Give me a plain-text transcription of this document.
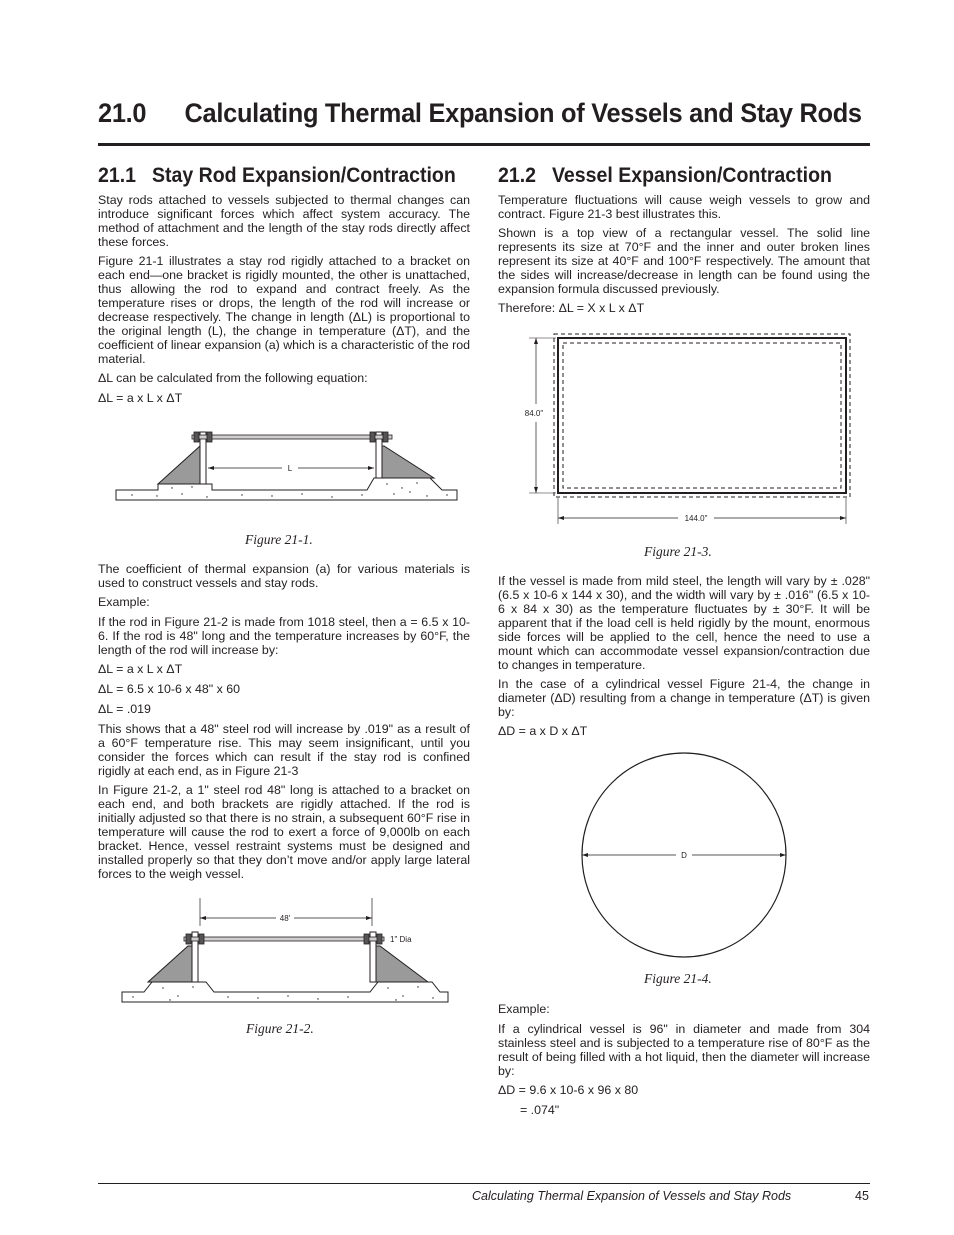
21.0 Calculating Thermal Expansion of Vessels and Stay Rods
21.1 Stay Rod Expansion/Contraction

Stay rods attached to vessels subjected to thermal changes can introduce significant forces which affect system accuracy. The method of attachment and the length of the stay rods directly affect these forces.

Figure 21-1 illustrates a stay rod rigidly attached to a bracket on each end—one bracket is rigidly mounted, the other is unattached, thus allowing the rod to expand and contract freely. As the temperature rises or drops, the length of the rod will increase or decrease respectively. The change in length (ΔL) is proportional to the original length (L), the change in temperature (ΔT), and the coefficient of linear expansion (a) which is a characteristic of the rod material.

ΔL can be calculated from the following equation:

ΔL = a x L x ΔT

L
Figure 21-1.

The coefficient of thermal expansion (a) for various materials is used to construct vessels and stay rods.

Example:

If the rod in Figure 21-2 is made from 1018 steel, then a = 6.5 x 10-6. If the rod is 48" long and the temperature increases by 60°F, the length of the rod will increase by:

ΔL = a x L x ΔT

ΔL = 6.5 x 10-6 x 48" x 60

ΔL = .019

This shows that a 48" steel rod will increase by .019" as a result of a 60°F temperature rise. This may seem insignificant, until you consider the forces which can result if the stay rod is confined rigidly at each end, as in Figure 21-3

In Figure 21-2, a 1" steel rod 48" long is attached to a bracket on each end, and both brackets are rigidly attached. If the rod is initially adjusted so that there is no strain, a subsequent 60°F rise in temperature will cause the rod to exert a force of 9,000lb on each bracket. Hence, vessel restraint systems must be designed and installed properly so that they don’t move and/or apply large lateral forces to the weigh vessel.

48'
1" Dia
Figure 21-2.
21.2 Vessel Expansion/Contraction

Temperature fluctuations will cause weigh vessels to grow and contract. Figure 21-3 best illustrates this.

Shown is a top view of a rectangular vessel. The solid line represents its size at 70°F and the inner and outer broken lines represent its size at 40°F and 100°F respectively. The amount that the sides will increase/decrease in length can be found using the expansion formula discussed previously.

Therefore: ΔL = X x L x ΔT

84.0"
144.0"
Figure 21-3.

If the vessel is made from mild steel, the length will vary by ± .028" (6.5 x 10-6 x 144 x 30), and the width will vary by ± .016" (6.5 x 10-6 x 84 x 30) as the temperature fluctuates by ± 30°F. It will be apparent that if the load cell is held rigidly by the mount, enormous side forces will be applied to the cell, hence the need to use a mount which can accommodate vessel expansion/contraction due to changes in temperature.

In the case of a cylindrical vessel Figure 21-4, the change in diameter (ΔD) resulting from a change in temperature (ΔT) is given by:

ΔD = a x D x ΔT

D
Figure 21-4.

Example:

If a cylindrical vessel is 96" in diameter and made from 304 stainless steel and is subjected to a temperature rise of 80°F as the result of being filled with a hot liquid, then the diameter will increase by:

ΔD = 9.6 x 10-6 x 96 x 80

= .074"

Calculating Thermal Expansion of Vessels and Stay Rods	45
